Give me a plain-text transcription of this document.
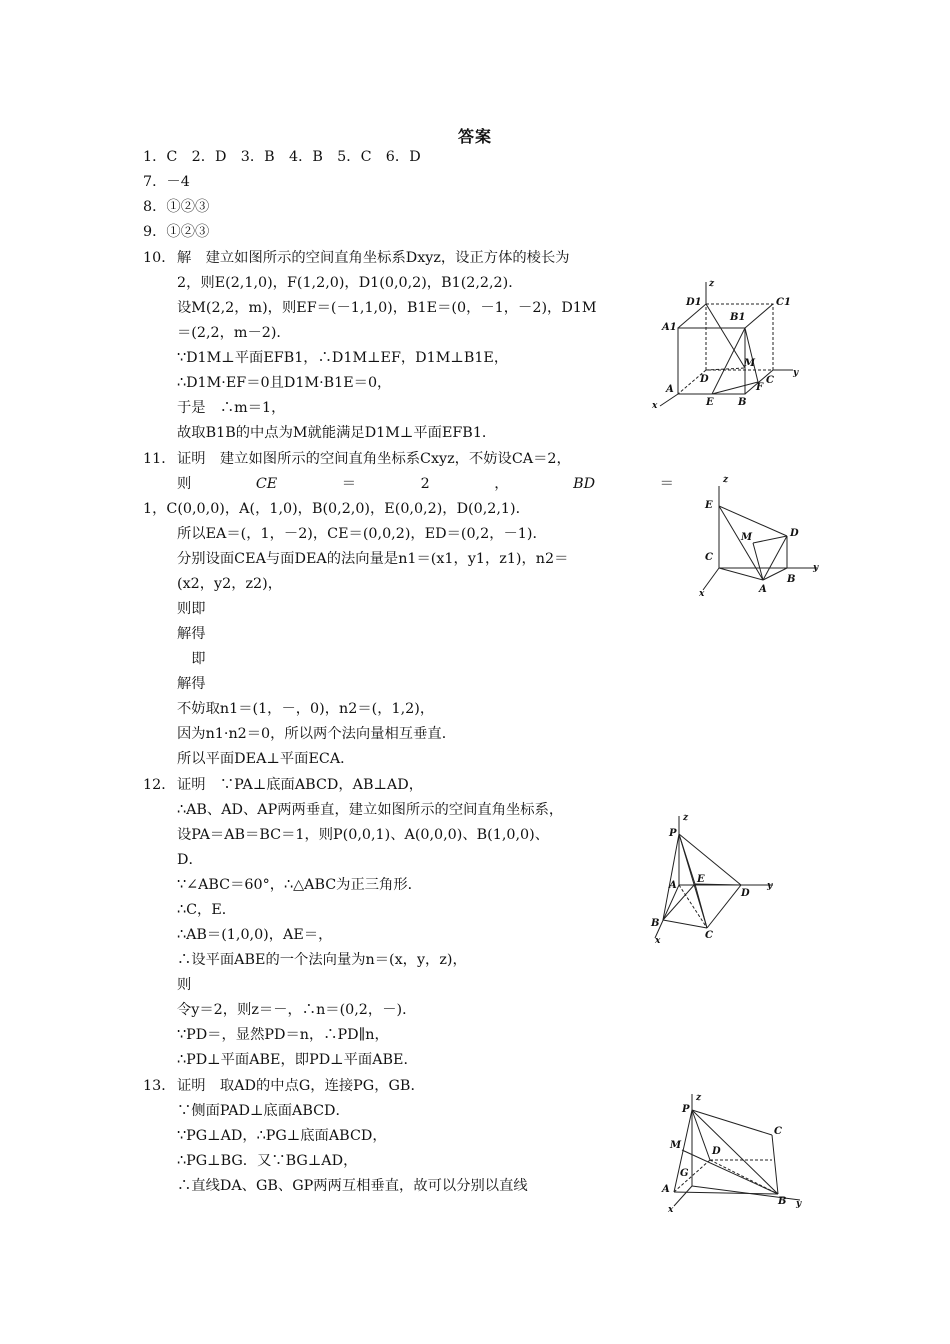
答案
1．C　2．D　3．B　4．B　5．C　6．D
7．－4
8．①②③
9．①②③
10． 解　建立如图所示的空间直角坐标系Dxyz，设正方体的棱长为
2，则E(2,1,0)，F(1,2,0)，D1(0,0,2)，B1(2,2,2)．
设M(2,2，m)，则EF＝(－1,1,0)，B1E＝(0，－1，－2)，D1M
＝(2,2，m－2)．
∵D1M⊥平面EFB1，∴D1M⊥EF，D1M⊥B1E，
∴D1M·EF＝0且D1M·B1E＝0，
于是　∴m＝1，
故取B1B的中点为M就能满足D1M⊥平面EFB1．
11． 证明　建立如图所示的空间直角坐标系Cxyz，不妨设CA＝2，
则	CE	＝	2	，	BD	＝
1，C(0,0,0)，A(，1,0)，B(0,2,0)，E(0,0,2)，D(0,2,1)．
所以EA＝(，1，－2)，CE＝(0,0,2)，ED＝(0,2，－1)．
分别设面CEA与面DEA的法向量是n1＝(x1，y1，z1)，n2＝
(x2，y2，z2)，
则即
解得
　即
解得
不妨取n1＝(1，－，0)，n2＝(，1,2)，
因为n1·n2＝0，所以两个法向量相互垂直．
所以平面DEA⊥平面ECA．
12． 证明　∵PA⊥底面ABCD，AB⊥AD，
∴AB、AD、AP两两垂直，建立如图所示的空间直角坐标系，
设PA＝AB＝BC＝1，则P(0,0,1)、A(0,0,0)、B(1,0,0)、
D．
∵∠ABC＝60°，∴△ABC为正三角形．
∴C，E．
∴AB＝(1,0,0)，AE＝，
∴设平面ABE的一个法向量为n＝(x，y，z)，
则
令y＝2，则z＝－，∴n＝(0,2，－)．
∵PD＝，显然PD＝n，∴PD∥n，
∴PD⊥平面ABE，即PD⊥平面ABE．
13． 证明　取AD的中点G，连接PG，GB．
∵侧面PAD⊥底面ABCD．
∵PG⊥AD，∴PG⊥底面ABCD，
∴PG⊥BG．又∵BG⊥AD，
∴直线DA、GB、GP两两互相垂直，故可以分别以直线
z
D1	C1
A1
B1
M
D
y
C
A	F
E B
x
z
E
M	D
C
B
y
A
x
z
P
E
y
A
D
B
C
x
z
P
M
D
C
G
A
B y
x
